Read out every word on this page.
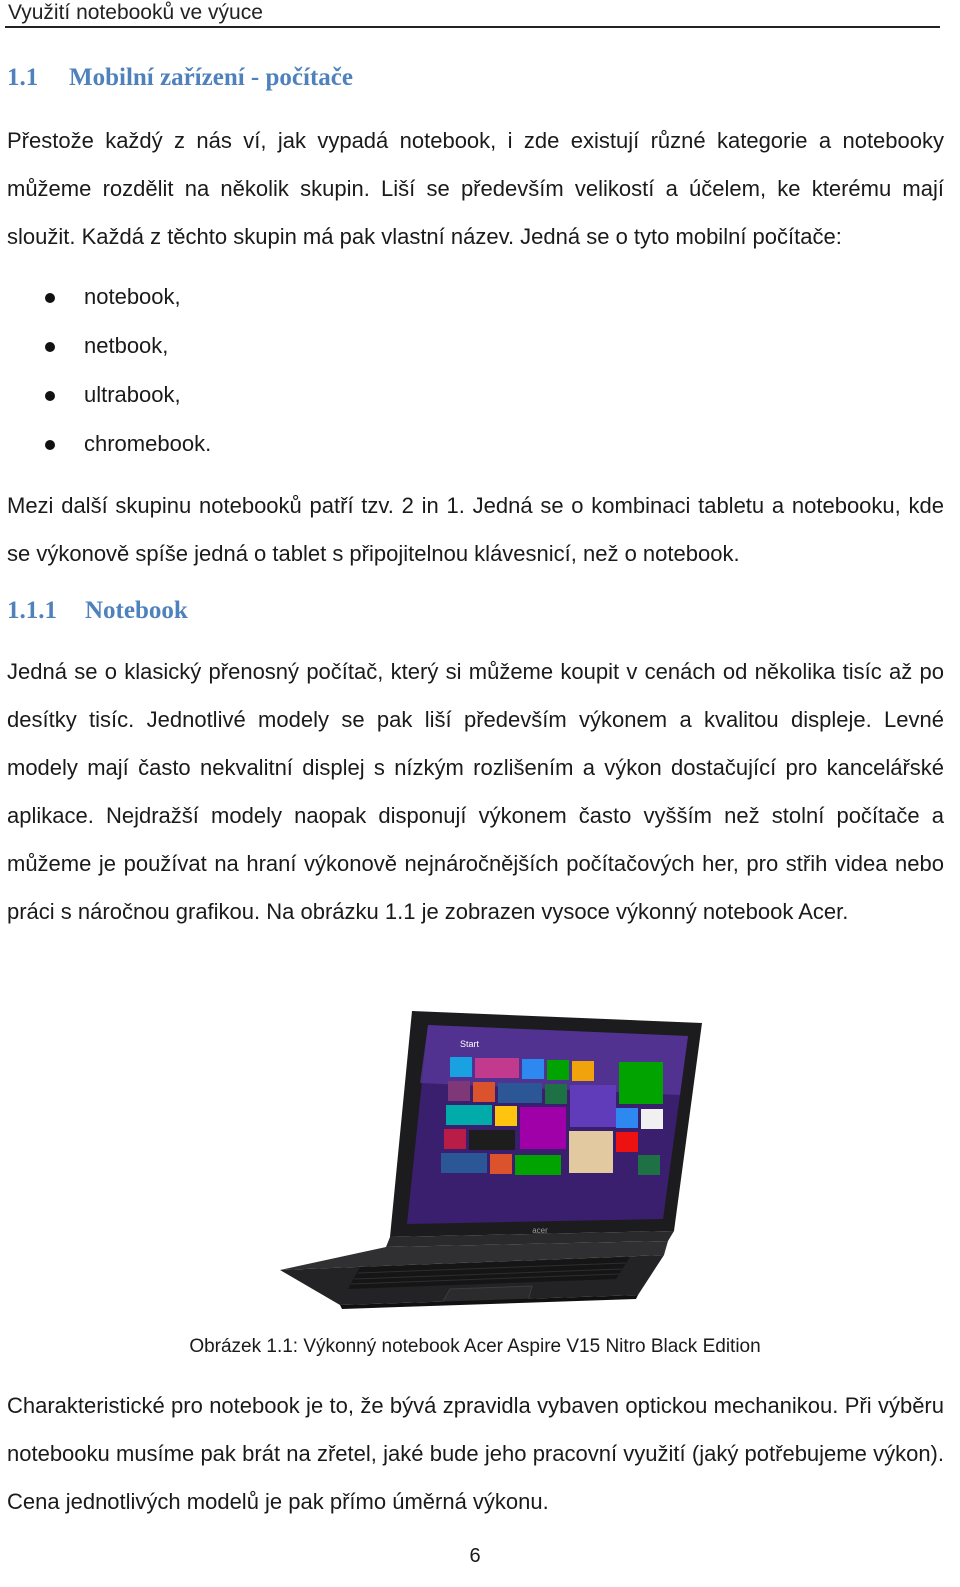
Využití notebooků ve výuce
1.1 Mobilní zařízení - počítače

Přestože každý z nás ví, jak vypadá notebook, i zde existují různé kategorie a notebooky můžeme rozdělit na několik skupin. Liší se především velikostí a účelem, ke kterému mají sloužit. Každá z těchto skupin má pak vlastní název. Jedná se o tyto mobilní počítače:

notebook,
netbook,
ultrabook,
chromebook.

Mezi další skupinu notebooků patří tzv. 2 in 1. Jedná se o kombinaci tabletu a notebooku, kde se výkonově spíše jedná o tablet s připojitelnou klávesnicí, než o notebook.

1.1.1 Notebook

Jedná se o klasický přenosný počítač, který si můžeme koupit v cenách od několika tisíc až po desítky tisíc. Jednotlivé modely se pak liší především výkonem a kvalitou displeje. Levné modely mají často nekvalitní displej s nízkým rozlišením a výkon dostačující pro kancelářské aplikace. Nejdražší modely naopak disponují výkonem často vyšším než stolní počítače a můžeme je používat na hraní výkonově nejnáročnějších počítačových her, pro střih videa nebo práci s náročnou grafikou. Na obrázku 1.1 je zobrazen vysoce výkonný notebook Acer.

Start
acer
Obrázek 1.1: Výkonný notebook Acer Aspire V15 Nitro Black Edition

Charakteristické pro notebook je to, že bývá zpravidla vybaven optickou mechanikou. Při výběru notebooku musíme pak brát na zřetel, jaké bude jeho pracovní využití (jaký potřebujeme výkon). Cena jednotlivých modelů je pak přímo úměrná výkonu.

6
